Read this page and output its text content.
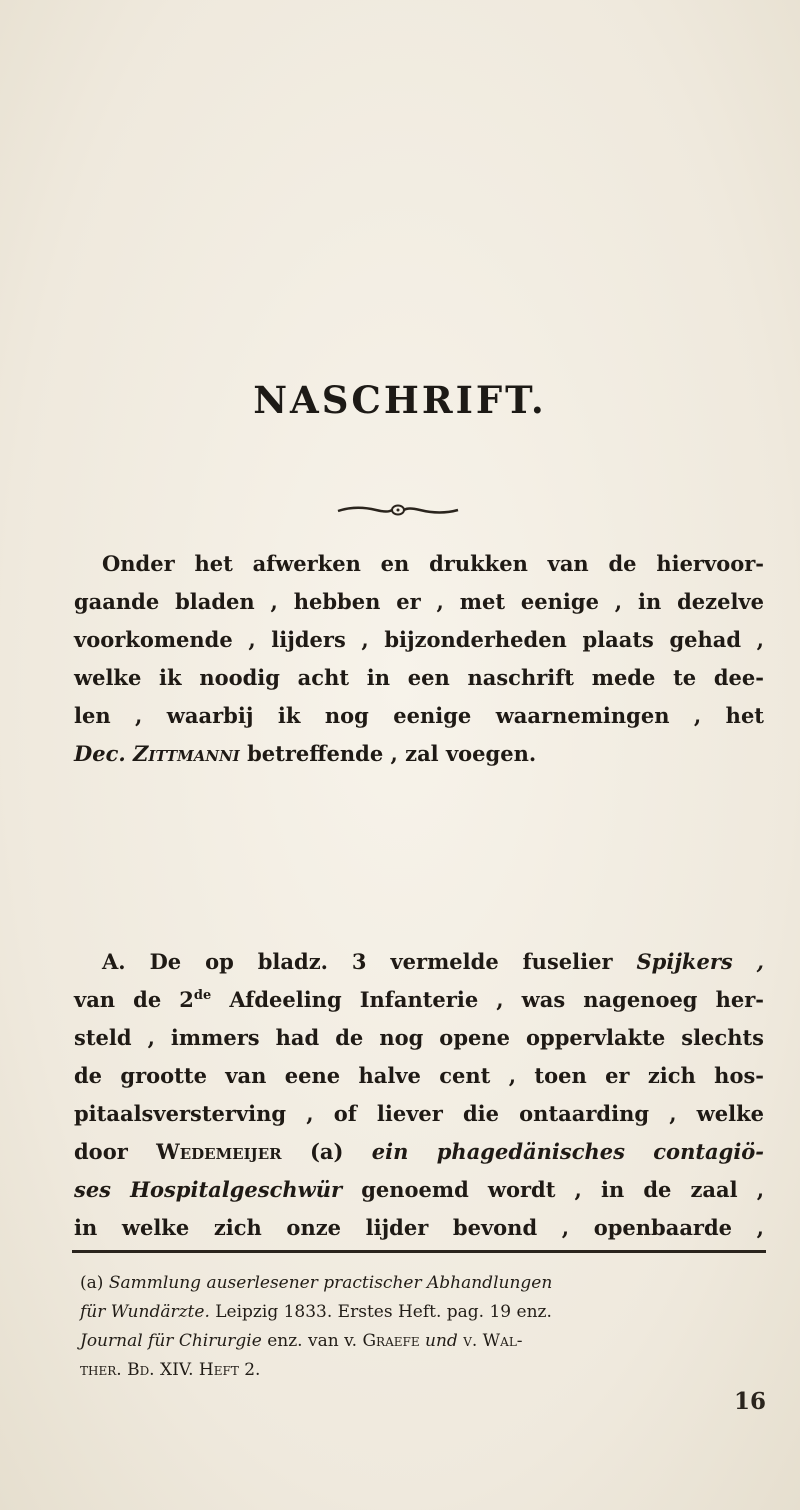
NASCHRIFT.
Onder het afwerken en drukken van de hiervoor-
gaande bladen , hebben er , met eenige , in dezelve
voorkomende , lijders , bijzonderheden plaats gehad ,
welke ik noodig acht in een naschrift mede te dee-
len , waarbij ik nog eenige waarnemingen , het
Dec. Zittmanni betreffende , zal voegen.
A. De op bladz. 3 vermelde fuselier Spijkers ,
van de 2de Afdeeling Infanterie , was nagenoeg her-
steld , immers had de nog opene oppervlakte slechts
de grootte van eene halve cent , toen er zich hos-
pitaalsversterving , of liever die ontaarding , welke
door Wedemeijer (a) ein phagedänisches contagiö-
ses Hospitalgeschwür genoemd wordt , in de zaal ,
in welke zich onze lijder bevond , openbaarde ,
(a) Sammlung auserlesener practischer Abhandlungen
für Wundärzte. Leipzig 1833. Erstes Heft. pag. 19 enz.
Journal für Chirurgie enz. van v. Graefe und v. Wal-
ther. Bd. XIV. Heft 2.
16
